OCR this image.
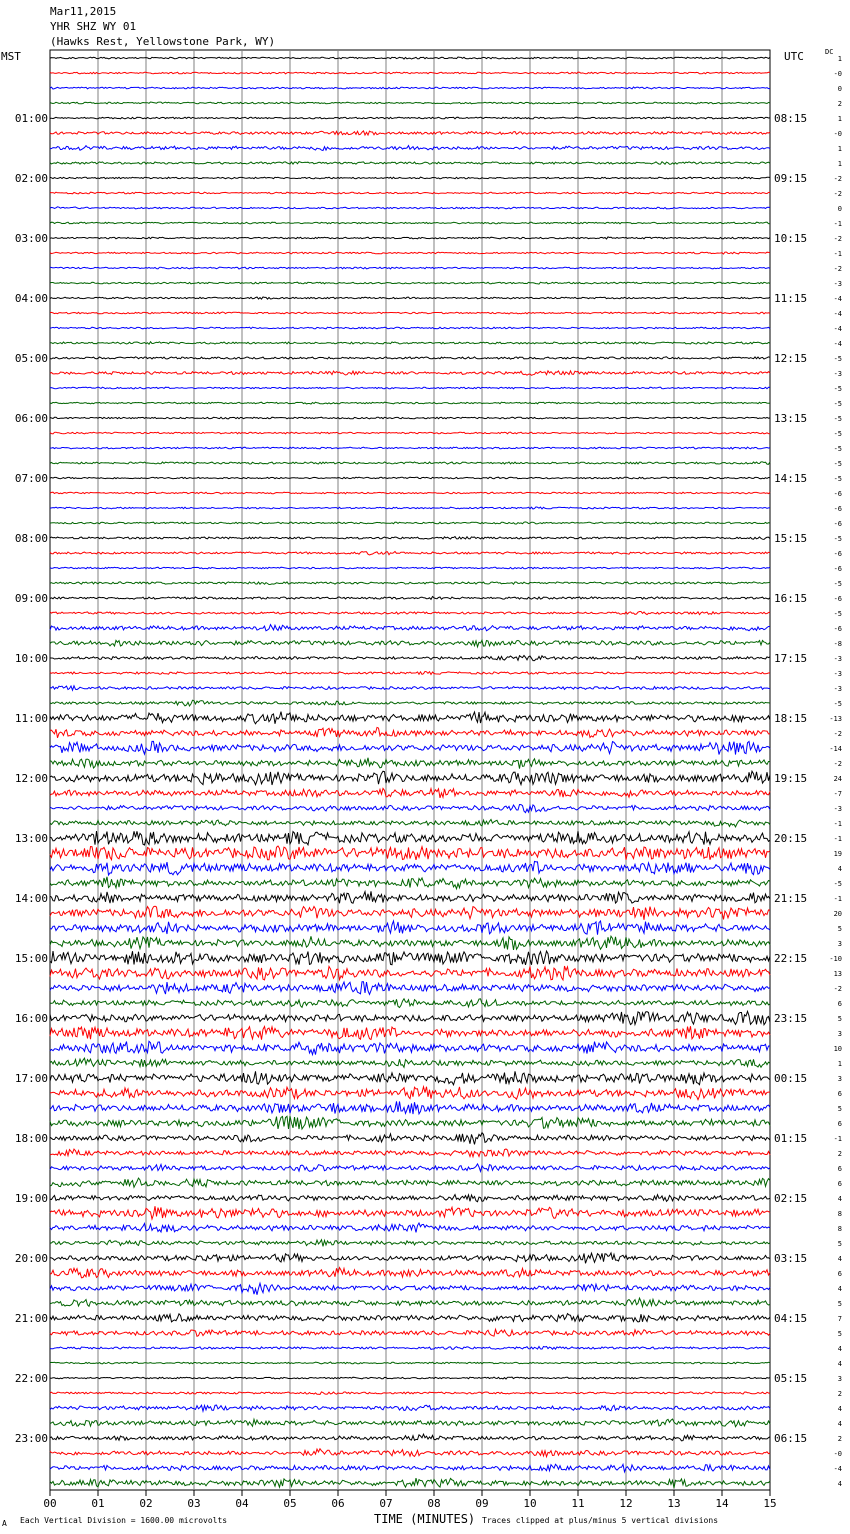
Mar11,2015
YHR SHZ WY 01
(Hawks Rest, Yellowstone Park, WY)
MST	UTC	DC
1
-0
0
2
1
-0
1
1
-2
-2
0
-1
-2
-1
-2
-3
-4
-4
-4
-4
-5
-3
-5
-5
-5
-5
-5
-5
-5
-6
-6
-6
-5
-6
-6
-5
-6
-5
-6
-8
-3
-3
-3
-5
-13
-2
-14
-2
24
-7
-3
-1
-1
19
4
-5
-1
20
5
3
-10
13
-2
6
5
3
10
1
3
6
5
6
-1
2
6
6
4
8
8
5
4
6
4
5
7
5
4
4
3
2
4
4
2
-0
-4
4
01:00	08:15
02:00	09:15
03:00	10:15
04:00	11:15
05:00	12:15
06:00	13:15
07:00	14:15
08:00	15:15
09:00	16:15
10:00	17:15
11:00	18:15
12:00	19:15
13:00	20:15
14:00	21:15
15:00	22:15
16:00	23:15
17:00	00:15
18:00	01:15
19:00	02:15
20:00	03:15
21:00	04:15
22:00	05:15
23:00	06:15
00	01	02	03	04	05	06	07	08	09	10	11	12	13	14	15
A Each Vertical Division = 1600.00 microvolts	TIME (MINUTES) Traces clipped at plus/minus 5 vertical divisions
